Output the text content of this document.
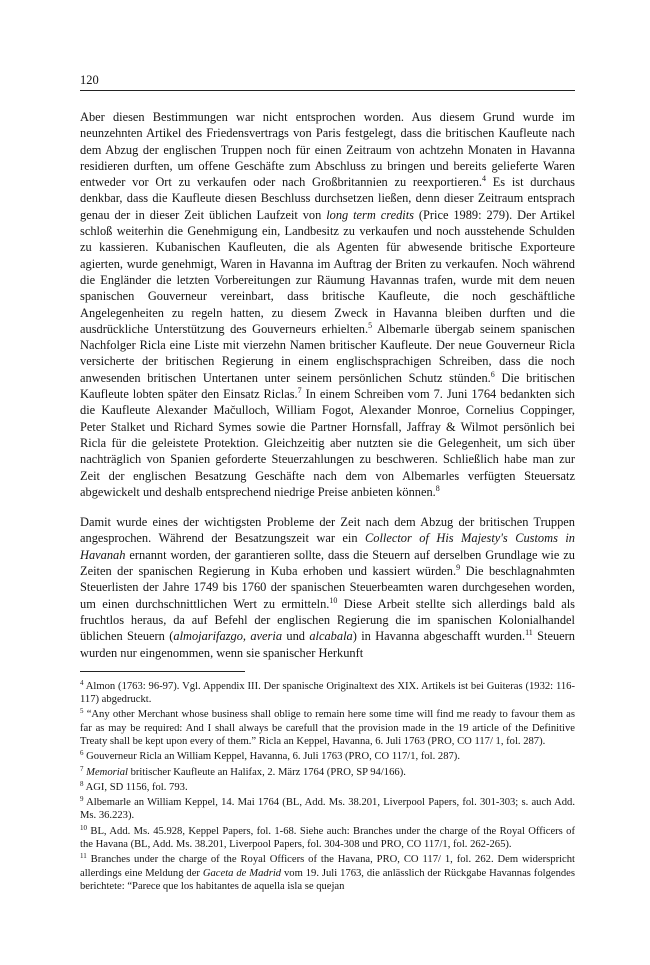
120

Aber diesen Bestimmungen war nicht entsprochen worden. Aus diesem Grund wurde im neunzehnten Artikel des Friedensvertrags von Paris festgelegt, dass die britischen Kaufleute nach dem Abzug der englischen Truppen noch für einen Zeitraum von achtzehn Monaten in Havanna residieren durften, um offene Geschäfte zum Abschluss zu bringen und bereits gelieferte Waren entweder vor Ort zu verkaufen oder nach Großbritannien zu reexportieren.$^4$ Es ist durchaus denkbar, dass die Kaufleute diesen Beschluss durchsetzen ließen, denn dieser Zeitraum entsprach genau der in dieser Zeit üblichen Laufzeit von long term credits (Price 1989: 279). Der Artikel schloß weiterhin die Genehmigung ein, Landbesitz zu verkaufen und noch ausstehende Schulden zu kassieren. Kubanischen Kaufleuten, die als Agenten für abwesende britische Exporteure agierten, wurde genehmigt, Waren in Havanna im Auftrag der Briten zu verkaufen. Noch während die Engländer die letzten Vorbereitungen zur Räumung Havannas trafen, wurde mit dem neuen spanischen Gouverneur vereinbart, dass britische Kaufleute, die noch geschäftliche Angelegenheiten zu regeln hatten, zu diesem Zweck in Havanna bleiben durften und die ausdrückliche Unterstützung des Gouverneurs erhielten.$^5$ Albemarle übergab seinem spanischen Nachfolger Ricla eine Liste mit vierzehn Namen britischer Kaufleute. Der neue Gouverneur Ricla versicherte der britischen Regierung in einem englischsprachigen Schreiben, dass die noch anwesenden britischen Untertanen unter seinem persönlichen Schutz stünden.$^6$ Die britischen Kaufleute lobten später den Einsatz Riclas.$^7$ In einem Schreiben vom 7. Juni 1764 bedankten sich die Kaufleute Alexander Mačulloch, William Fogot, Alexander Monroe, Cornelius Coppinger, Peter Stalket und Richard Symes sowie die Partner Hornsfall, Jaffray & Wilmot persönlich bei Ricla für die geleistete Protektion. Gleichzeitig aber nutzten sie die Gelegenheit, um sich über nachträglich von Spanien geforderte Steuerzahlungen zu beschweren. Schließlich habe man zur Zeit der englischen Besatzung Geschäfte nach dem von Albemarles verfügten Steuersatz abgewickelt und deshalb entsprechend niedrige Preise anbieten können.$^8$

Damit wurde eines der wichtigsten Probleme der Zeit nach dem Abzug der britischen Truppen angesprochen. Während der Besatzungszeit war ein Collector of His Majesty's Customs in Havanah ernannt worden, der garantieren sollte, dass die Steuern auf derselben Grundlage wie zu Zeiten der spanischen Regierung in Kuba erhoben und kassiert würden.$^9$ Die beschlagnahmten Steuerlisten der Jahre 1749 bis 1760 der spanischen Steuerbeamten waren durchgesehen worden, um einen durchschnittlichen Wert zu ermitteln.$^{10}$ Diese Arbeit stellte sich allerdings bald als fruchtlos heraus, da auf Befehl der englischen Regierung die im spanischen Kolonialhandel üblichen Steuern (almojarifazgo, averia und alcabala) in Havanna abgeschafft wurden.$^{11}$ Steuern wurden nur eingenommen, wenn sie spanischer Herkunft

$^4$ Almon (1763: 96-97). Vgl. Appendix III. Der spanische Originaltext des XIX. Artikels ist bei Guiteras (1932: 116-117) abgedruckt.
$^5$ “Any other Merchant whose business shall oblige to remain here some time will find me ready to favour them as far as may be required: And I shall always be carefull that the provision made in the 19 article of the Definitive Treaty shall be kept upon every of them.” Ricla an Keppel, Havanna, 6. Juli 1763 (PRO, CO 117/ 1, fol. 287).
$^6$ Gouverneur Ricla an William Keppel, Havanna, 6. Juli 1763 (PRO, CO 117/1, fol. 287).
$^7$ Memorial britischer Kaufleute an Halifax, 2. März 1764 (PRO, SP 94/166).
$^8$ AGI, SD 1156, fol. 793.
$^9$ Albemarle an William Keppel, 14. Mai 1764 (BL, Add. Ms. 38.201, Liverpool Papers, fol. 301-303; s. auch Add. Ms. 36.223).
$^{10}$ BL, Add. Ms. 45.928, Keppel Papers, fol. 1-68. Siehe auch: Branches under the charge of the Royal Officers of the Havana (BL, Add. Ms. 38.201, Liverpool Papers, fol. 304-308 und PRO, CO 117/1, fol. 262-265).
$^{11}$ Branches under the charge of the Royal Officers of the Havana, PRO, CO 117/ 1, fol. 262. Dem widerspricht allerdings eine Meldung der Gaceta de Madrid vom 19. Juli 1763, die anlässlich der Rückgabe Havannas folgendes berichtete: “Parece que los habitantes de aquella isla se quejan
